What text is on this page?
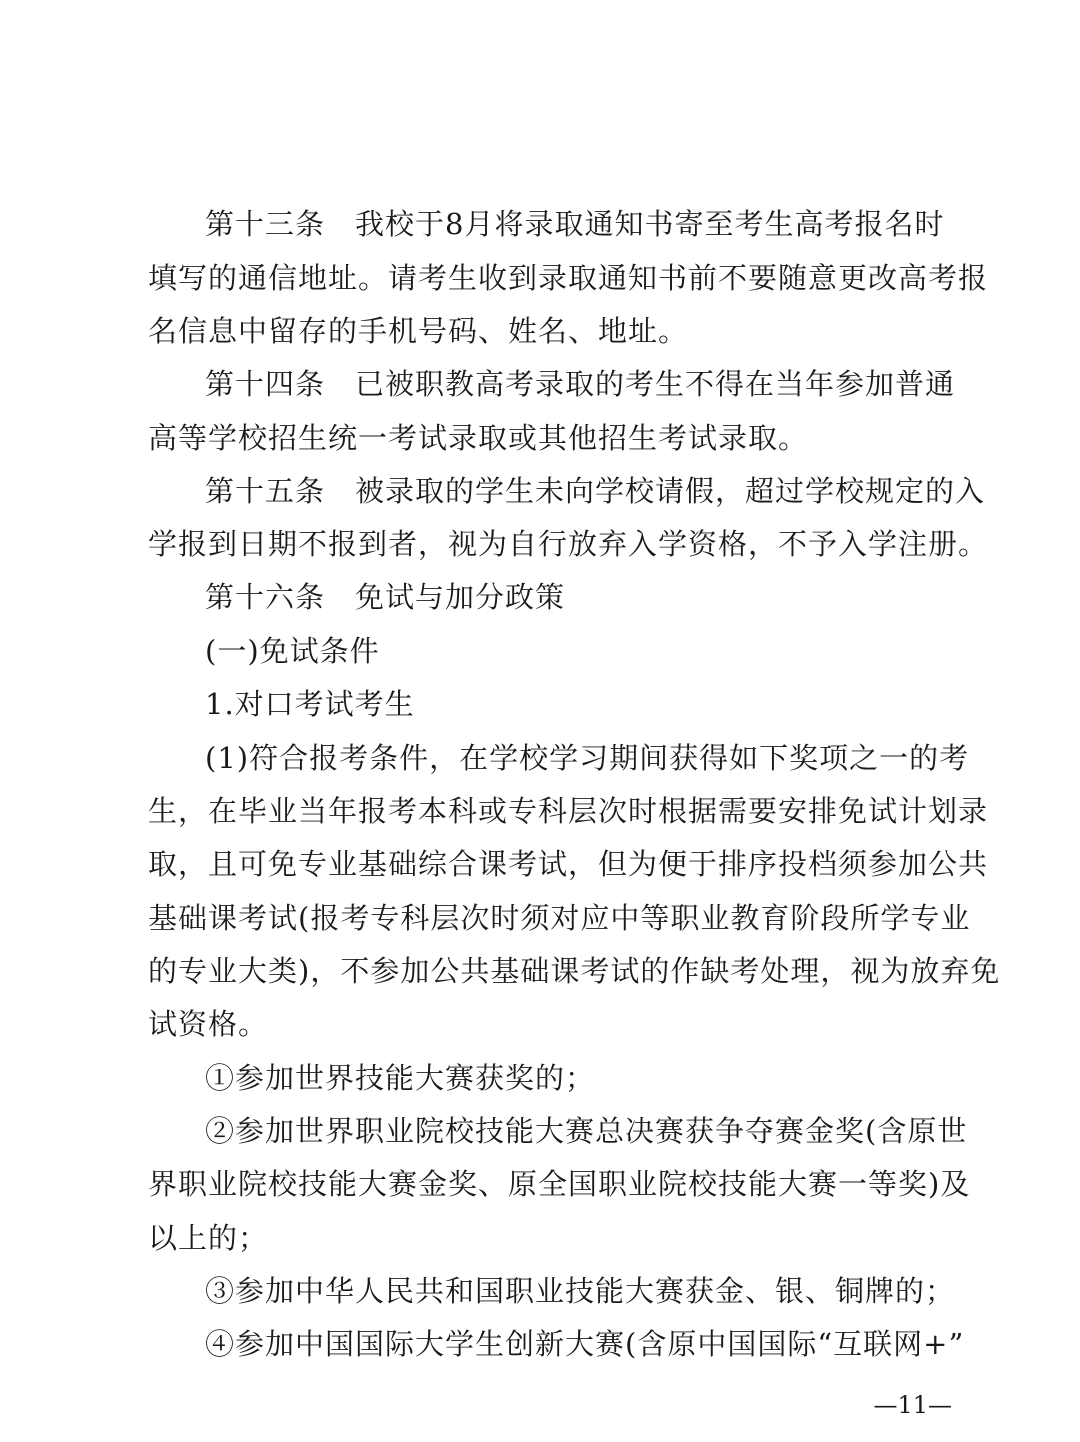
第十三条　我校于8月将录取通知书寄至考生高考报名时
填写的通信地址。请考生收到录取通知书前不要随意更改高考报
名信息中留存的手机号码、姓名、地址。
第十四条　已被职教高考录取的考生不得在当年参加普通
高等学校招生统一考试录取或其他招生考试录取。
第十五条　被录取的学生未向学校请假，超过学校规定的入
学报到日期不报到者，视为自行放弃入学资格，不予入学注册。
第十六条　免试与加分政策
(一)免试条件
1.对口考试考生
(1)符合报考条件，在学校学习期间获得如下奖项之一的考
生，在毕业当年报考本科或专科层次时根据需要安排免试计划录
取，且可免专业基础综合课考试，但为便于排序投档须参加公共
基础课考试(报考专科层次时须对应中等职业教育阶段所学专业
的专业大类)，不参加公共基础课考试的作缺考处理，视为放弃免
试资格。
①参加世界技能大赛获奖的；
②参加世界职业院校技能大赛总决赛获争夺赛金奖(含原世
界职业院校技能大赛金奖、原全国职业院校技能大赛一等奖)及
以上的；
③参加中华人民共和国职业技能大赛获金、银、铜牌的；
④参加中国国际大学生创新大赛(含原中国国际“互联网+”
—11—
